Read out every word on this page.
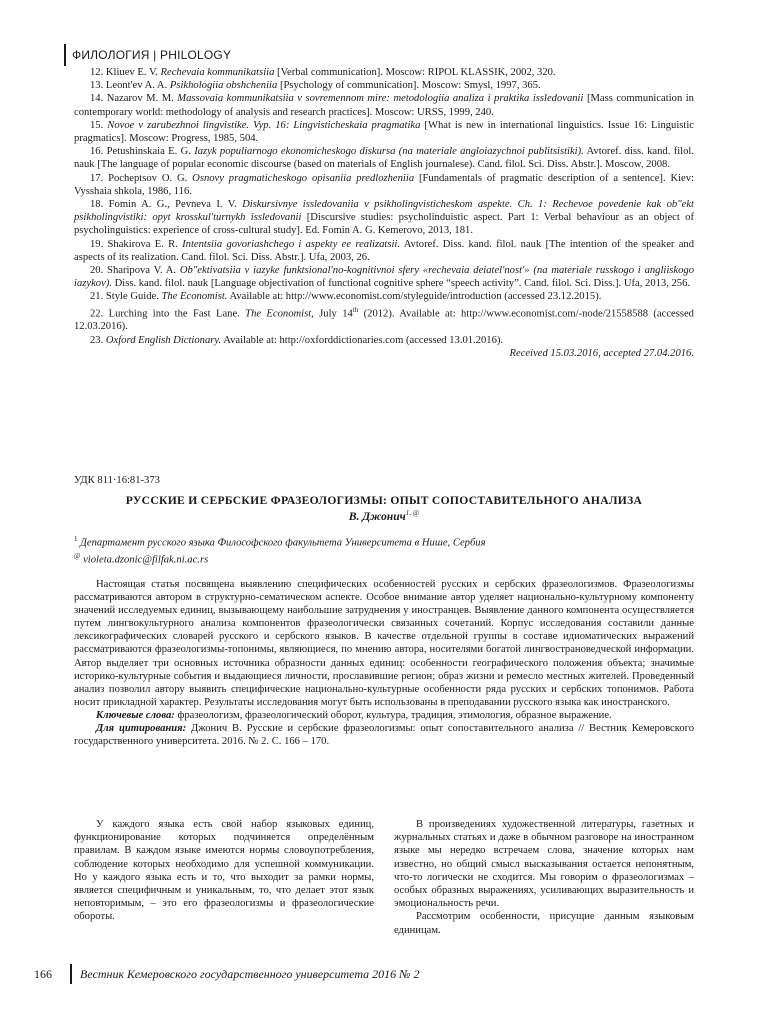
ФИЛОЛОГИЯ | PHILOLOGY

12. Kliuev E. V. Rechevaia kommunikatsiia [Verbal communication]. Moscow: RIPOL KLASSIK, 2002, 320.

13. Leont'ev A. A. Psikhologiia obshcheniia [Psychology of communication]. Moscow: Smysl, 1997, 365.

14. Nazarov M. M. Massovaia kommunikatsiia v sovremennom mire: metodologiia analiza i praktika issledovanii [Mass communication in contemporary world: methodology of analysis and research practices]. Moscow: URSS, 1999, 240.

15. Novoe v zarubezhnoi lingvistike. Vyp. 16: Lingvisticheskaia pragmatika [What is new in international linguistics. Issue 16: Linguistic pragmatics]. Moscow: Progress, 1985, 504.

16. Petushinskaia E. G. Iazyk populiarnogo ekonomicheskogo diskursa (na materiale angloiazychnoi publitsistiki). Avtoref. diss. kand. filol. nauk [The language of popular economic discourse (based on materials of English journalese). Cand. filol. Sci. Diss. Abstr.]. Moscow, 2008.

17. Pocheptsov O. G. Osnovy pragmaticheskogo opisaniia predlozheniia [Fundamentals of pragmatic description of a sentence]. Kiev: Vysshaia shkola, 1986, 116.

18. Fomin A. G., Pevneva I. V. Diskursivnye issledovaniia v psikholingvisticheskom aspekte. Ch. 1: Rechevoe povedenie kak ob"ekt psikholingvistiki: opyt krosskul'turnykh issledovanii [Discursive studies: psycholinduistic aspect. Part 1: Verbal behaviour as an object of psycholinguistics: experience of cross-cultural study]. Ed. Fomin A. G. Kemerovo, 2013, 181.

19. Shakirova E. R. Intentsiia govoriashchego i aspekty ee realizatsii. Avtoref. Diss. kand. filol. nauk [The intention of the speaker and aspects of its realization. Cand. filol. Sci. Diss. Abstr.]. Ufa, 2003, 26.

20. Sharipova V. A. Ob"ektivatsiia v iazyke funktsional'no-kognitivnoi sfery «rechevaia deiatel'nost'» (na materiale russkogo i angliiskogo iazykov). Diss. kand. filol. nauk [Language objectivation of functional cognitive sphere “speech activity”. Cand. filol. Sci. Diss.]. Ufa, 2013, 256.

21. Style Guide. The Economist. Available at: http://www.economist.com/styleguide/introduction (accessed 23.12.2015).

22. Lurching into the Fast Lane. The Economist, July 14th (2012). Available at: http://www.economist.com/-node/21558588 (accessed 12.03.2016).

23. Oxford English Dictionary. Available at: http://oxforddictionaries.com (accessed 13.01.2016).

Received 15.03.2016, accepted 27.04.2016.

УДК 811·16:81-373
РУССКИЕ И СЕРБСКИЕ ФРАЗЕОЛОГИЗМЫ: ОПЫТ СОПОСТАВИТЕЛЬНОГО АНАЛИЗА
В. Джонич$^{1, @}$
$^1$ Департамент русского языка Философского факультета Университета в Нише, Сербия
@ violeta.dzonic@filfak.ni.ac.rs

Настоящая статья посвящена выявлению специфических особенностей русских и сербских фразеологизмов. Фразеологизмы рассматриваются автором в структурно-сематическом аспекте. Особое внимание автор уделяет национально-культурному компоненту значений исследуемых единиц, вызывающему наибольшие затруднения у иностранцев. Выявление данного компонента осуществляется путем лингвокультурного анализа компонентов фразеологически связанных сочетаний. Корпус исследования составили данные лексикографических словарей русского и сербского языков. В качестве отдельной группы в составе идиоматических выражений рассматриваются фразеологизмы-топонимы, являющиеся, по мнению автора, носителями богатой лингвострановедческой информации. Автор выделяет три основных источника образности данных единиц: особенности географического положения объекта; значимые историко-культурные события и выдающиеся личности, прославившие регион; образ жизни и ремесло местных жителей. Проведенный анализ позволил автору выявить специфические национально-культурные особенности ряда русских и сербских топонимов. Работа носит прикладной характер. Результаты исследования могут быть использованы в преподавании русского языка как иностранского.

Ключевые слова: фразеологизм, фразеологический оборот, культура, традиция, этимология, образное выражение.

Для цитирования: Джонич В. Русские и сербские фразеологизмы: опыт сопоставительного анализа // Вестник Кемеровского государственного университета. 2016. № 2. С. 166 – 170.

У каждого языка есть свой набор языковых единиц, функционирование которых подчиняется определённым правилам. В каждом языке имеются нормы словоупотребления, соблюдение которых необходимо для успешной коммуникации. Но у каждого языка есть и то, что выходит за рамки нормы, является специфичным и уникальным, то, что делает этот язык неповторимым, – это его фразеологизмы и фразеологические обороты.

В произведениях художественной литературы, газетных и журнальных статьях и даже в обычном разговоре на иностранном языке мы нередко встречаем слова, значение которых нам известно, но общий смысл высказывания остается непонятным, что-то логически не сходится. Мы говорим о фразеологизмах – особых образных выражениях, усиливающих выразительность и эмоциональность речи.

Рассмотрим особенности, присущие данным языковым единицам.

166	Вестник Кемеровского государственного университета 2016 № 2
